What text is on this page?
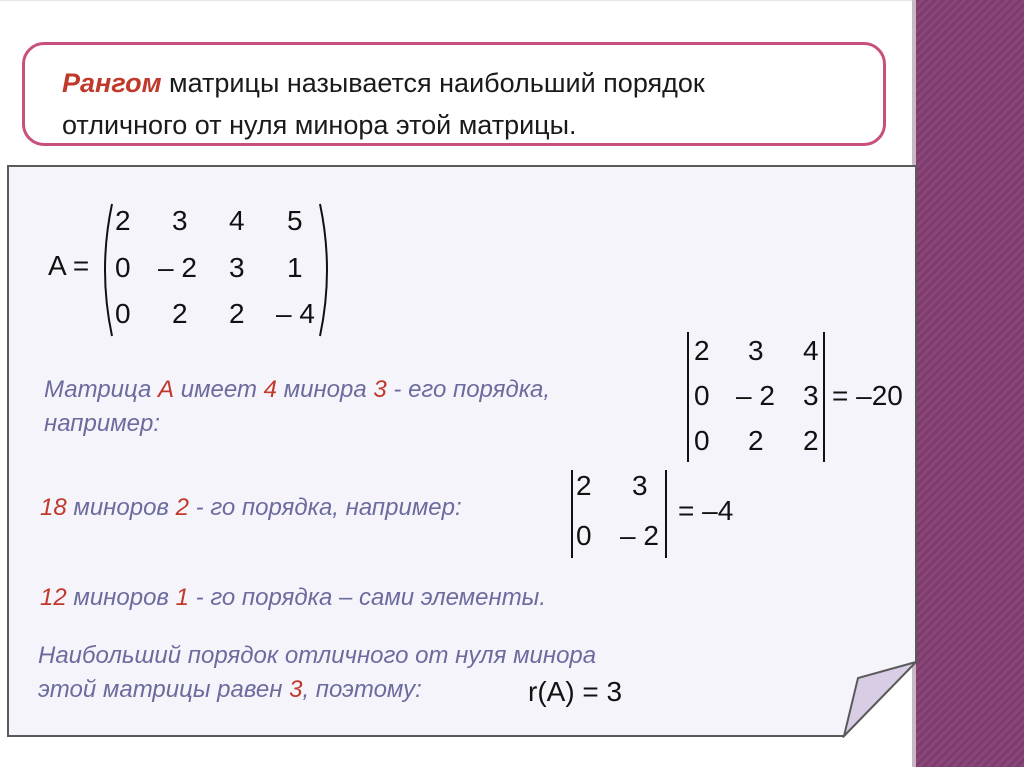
Рангом матрицы называется наибольший порядок
отличного от нуля минора этой матрицы.
A =
2 3 4 5
0 – 2 3 1
0 2 2 – 4
Матрица А имеет 4 минора 3 - его порядка,
например:
2 3 4
0 – 2 3
0 2 2
= –20
18 миноров 2 - го порядка, например:
2 3
0 – 2
= –4
12 миноров 1 - го порядка – сами элементы.
Наибольший порядок отличного от нуля минора
этой матрицы равен 3, поэтому:	r(A) = 3
